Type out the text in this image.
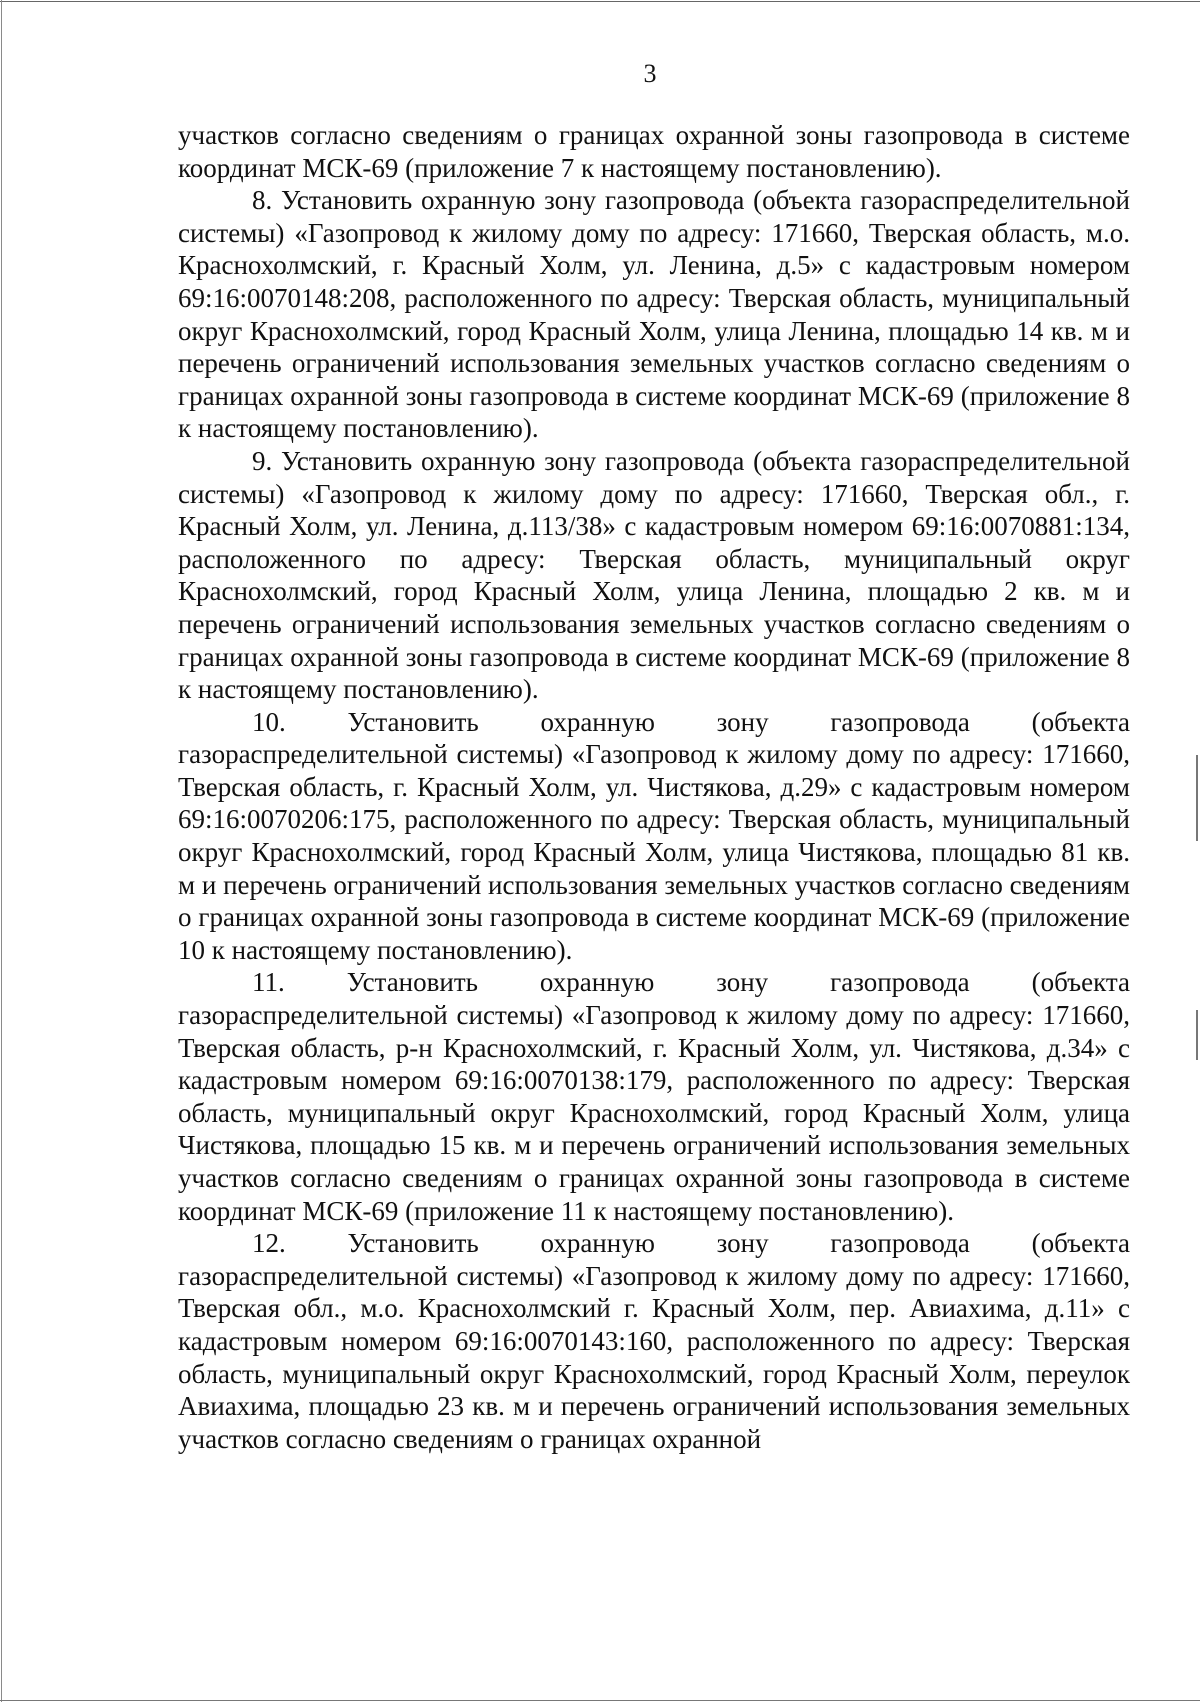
3

участков согласно сведениям о границах охранной зоны газопровода в системе координат МСК-69 (приложение 7 к настоящему постановлению).

8. Установить охранную зону газопровода (объекта газораспределительной системы) «Газопровод к жилому дому по адресу: 171660, Тверская область, м.о. Краснохолмский, г. Красный Холм, ул. Ленина, д.5» с кадастровым номером 69:16:0070148:208, расположенного по адресу: Тверская область, муниципальный округ Краснохолмский, город Красный Холм, улица Ленина, площадью 14 кв. м и перечень ограничений использования земельных участков согласно сведениям о границах охранной зоны газопровода в системе координат МСК-69 (приложение 8 к настоящему постановлению).

9. Установить охранную зону газопровода (объекта газораспределительной системы) «Газопровод к жилому дому по адресу: 171660, Тверская обл., г. Красный Холм, ул. Ленина, д.113/38» с кадастровым номером 69:16:0070881:134, расположенного по адресу: Тверская область, муниципальный округ Краснохолмский, город Красный Холм, улица Ленина, площадью 2 кв. м и перечень ограничений использования земельных участков согласно сведениям о границах охранной зоны газопровода в системе координат МСК-69 (приложение 8 к настоящему постановлению).

10. Установить охранную зону газопровода (объекта газораспределительной системы) «Газопровод к жилому дому по адресу: 171660, Тверская область, г. Красный Холм, ул. Чистякова, д.29» с кадастровым номером 69:16:0070206:175, расположенного по адресу: Тверская область, муниципальный округ Краснохолмский, город Красный Холм, улица Чистякова, площадью 81 кв. м и перечень ограничений использования земельных участков согласно сведениям о границах охранной зоны газопровода в системе координат МСК-69 (приложение 10 к настоящему постановлению).

11. Установить охранную зону газопровода (объекта газораспределительной системы) «Газопровод к жилому дому по адресу: 171660, Тверская область, р-н Краснохолмский, г. Красный Холм, ул. Чистякова, д.34» с кадастровым номером 69:16:0070138:179, расположенного по адресу: Тверская область, муниципальный округ Краснохолмский, город Красный Холм, улица Чистякова, площадью 15 кв. м и перечень ограничений использования земельных участков согласно сведениям о границах охранной зоны газопровода в системе координат МСК-69 (приложение 11 к настоящему постановлению).

12. Установить охранную зону газопровода (объекта газораспределительной системы) «Газопровод к жилому дому по адресу: 171660, Тверская обл., м.о. Краснохолмский г. Красный Холм, пер. Авиахима, д.11» с кадастровым номером 69:16:0070143:160, расположенного по адресу: Тверская область, муниципальный округ Краснохолмский, город Красный Холм, переулок Авиахима, площадью 23 кв. м и перечень ограничений использования земельных участков согласно сведениям о границах охранной
